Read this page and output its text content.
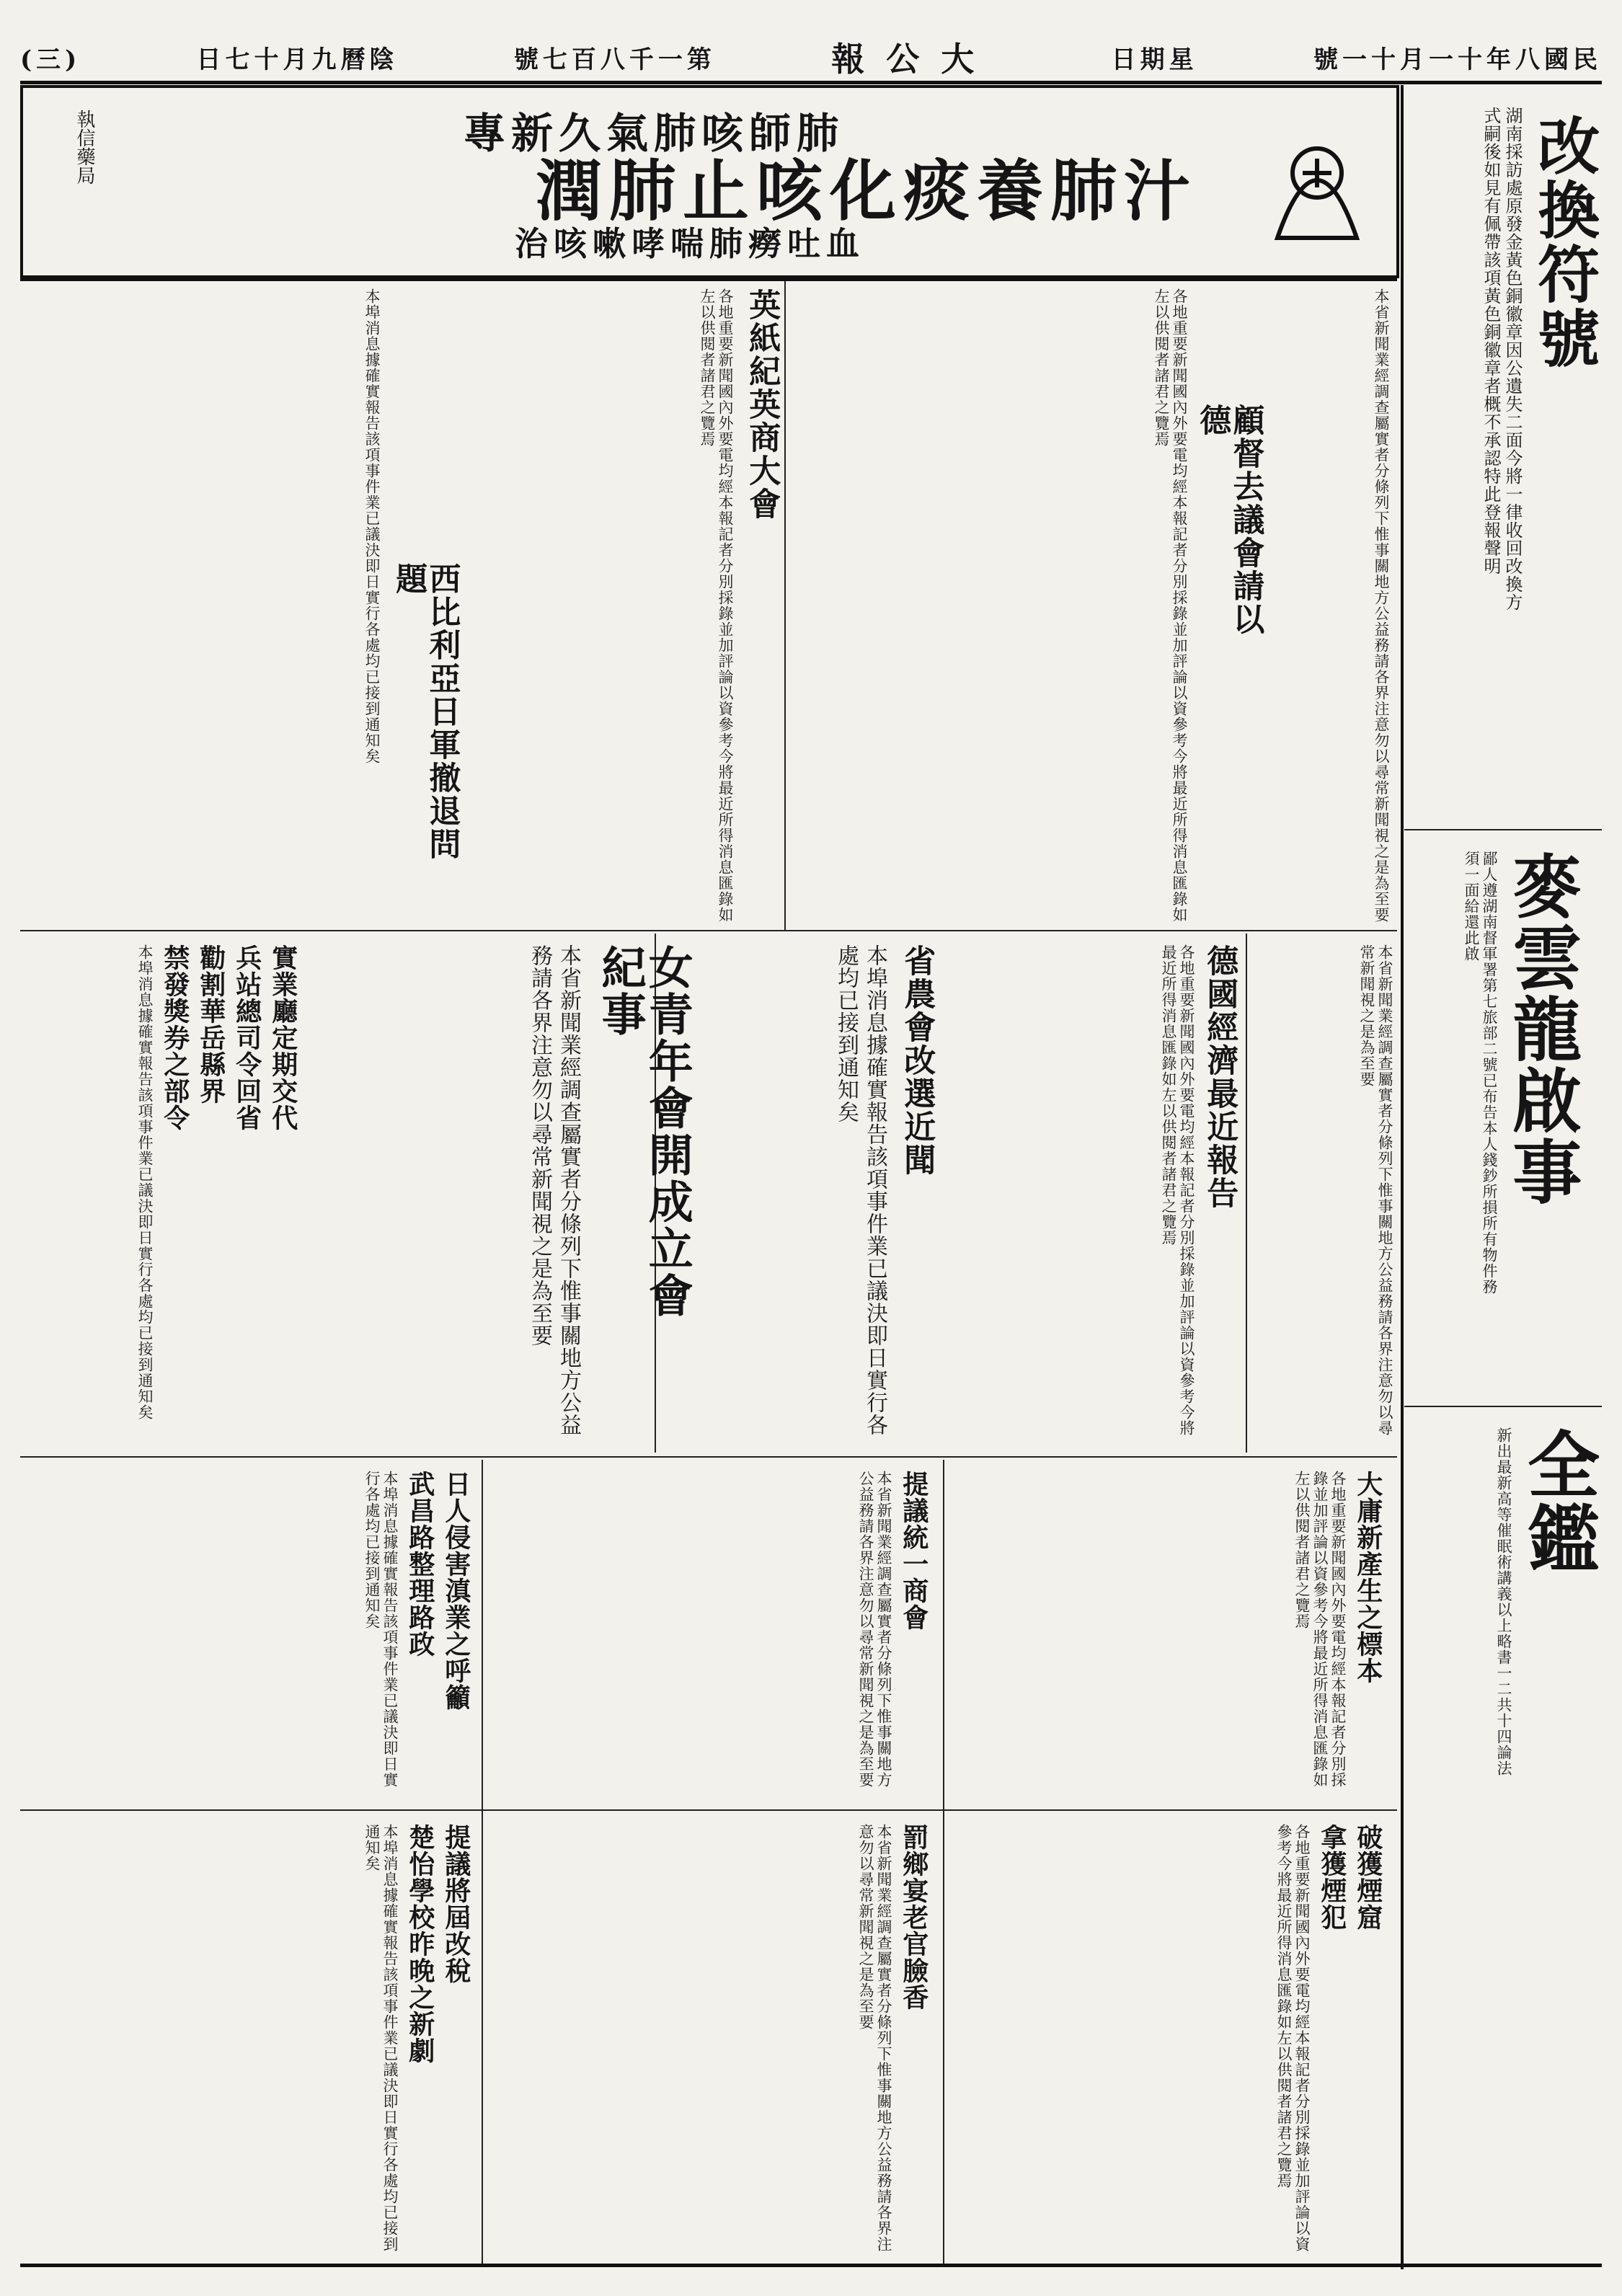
(三)	日七十月九曆陰	號七百八千一第	報公大	日期星	號一十月一十年八國民
執信藥局	專新久氣肺咳師肺
潤肺止咳化痰養肺汁
治咳嗽哮喘肺癆吐血	改換符號
湖南採訪處原發金黃色銅徽章因公遺失二面今將一律收回改換方式嗣後如見有佩帶該項黃色銅徽章者概不承認特此登報聲明
麥雲龍啟事
鄙人遵湖南督軍署第七旅部二號已布告本人錢鈔所損所有物件務須一面給還此啟
全鑑
新出最新高等催眠術講義以上略書一二共十四論法
顧督去議會請以德
各地重要新聞國內外要電均經本報記者分別採錄並加評論以資參考今將最近所得消息匯錄如左以供閱者諸君之覽焉	本省新聞業經調查屬實者分條列下惟事關地方公益務請各界注意勿以尋常新聞視之是為至要
英紙紀英商大會
各地重要新聞國內外要電均經本報記者分別採錄並加評論以資參考今將最近所得消息匯錄如左以供閱者諸君之覽焉
西比利亞日軍撤退問題
本埠消息據確實報告該項事件業已議決即日實行各處均已接到通知矣
德國經濟最近報告	本省新聞業經調查屬實者分條列下惟事關地方公益務請各界注意勿以尋常新聞視之是為至要
各地重要新聞國內外要電均經本報記者分別採錄並加評論以資參考今將最近所得消息匯錄如左以供閱者諸君之覽焉
省農會改選近聞
本埠消息據確實報告該項事件業已議決即日實行各處均已接到通知矣
女青年會開成立會紀事
本省新聞業經調查屬實者分條列下惟事關地方公益務請各界注意勿以尋常新聞視之是為至要
實業廳定期交代
兵站總司令回省
勸割華岳縣界
禁發獎券之部令
本埠消息據確實報告該項事件業已議決即日實行各處均已接到通知矣
大庸新產生之標本
各地重要新聞國內外要電均經本報記者分別採錄並加評論以資參考今將最近所得消息匯錄如左以供閱者諸君之覽焉
提議統一商會
本省新聞業經調查屬實者分條列下惟事關地方公益務請各界注意勿以尋常新聞視之是為至要
日人侵害滇業之呼籲
武昌路整理路政
本埠消息據確實報告該項事件業已議決即日實行各處均已接到通知矣
破獲煙窟
拿獲煙犯
各地重要新聞國內外要電均經本報記者分別採錄並加評論以資參考今將最近所得消息匯錄如左以供閱者諸君之覽焉
罰鄉宴老官臉香
本省新聞業經調查屬實者分條列下惟事關地方公益務請各界注意勿以尋常新聞視之是為至要
提議將屆改稅
楚怡學校昨晚之新劇
本埠消息據確實報告該項事件業已議決即日實行各處均已接到通知矣
